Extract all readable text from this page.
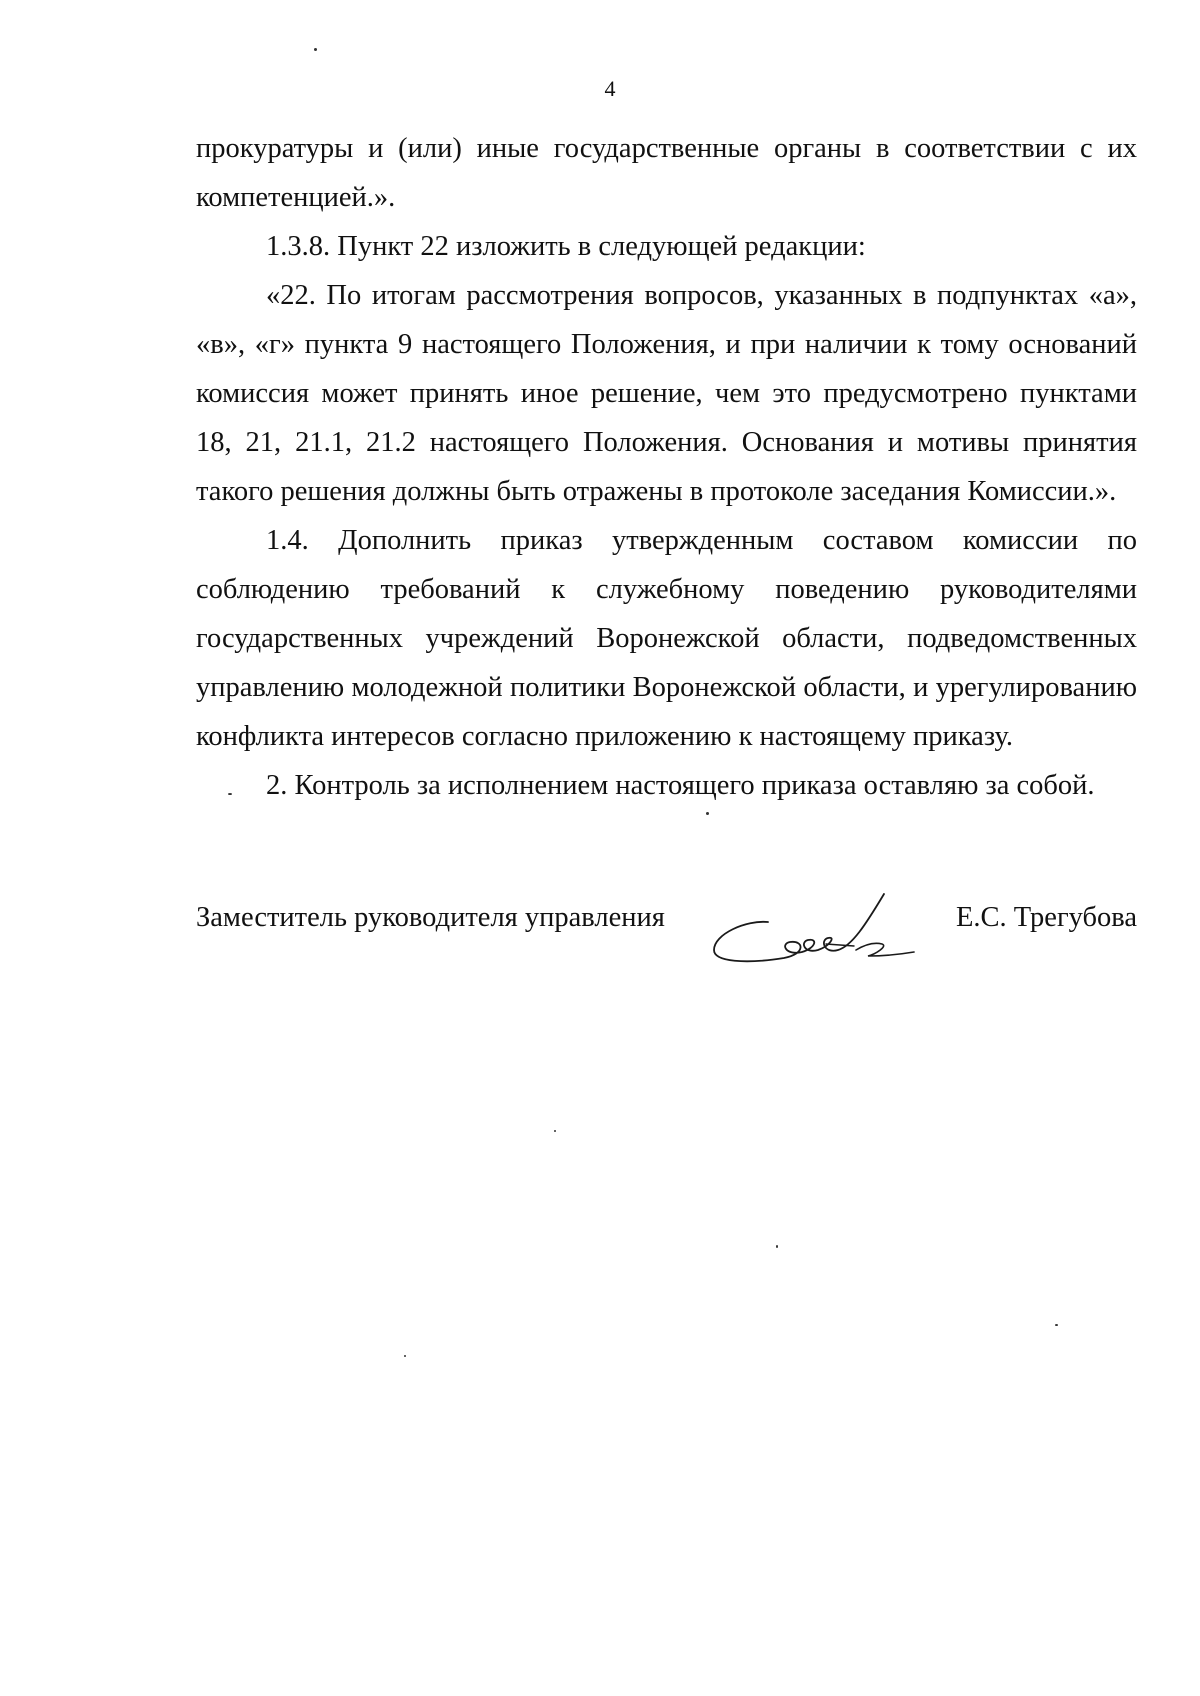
4

прокуратуры и (или) иные государственные органы в соответствии с их компетенцией.».

1.3.8. Пункт 22 изложить в следующей редакции:

«22. По итогам рассмотрения вопросов, указанных в подпунктах «а», «в», «г» пункта 9 настоящего Положения, и при наличии к тому оснований комиссия может принять иное решение, чем это предусмотрено пунктами 18, 21, 21.1, 21.2 настоящего Положения. Основания и мотивы принятия такого решения должны быть отражены в протоколе заседания Комиссии.».

1.4. Дополнить приказ утвержденным составом комиссии по соблюдению требований к служебному поведению руководителями государственных учреждений Воронежской области, подведомственных управлению молодежной политики Воронежской области, и урегулированию конфликта интересов согласно приложению к настоящему приказу.

2. Контроль за исполнением настоящего приказа оставляю за собой.

Заместитель руководителя управления	Е.С. Трегубова
